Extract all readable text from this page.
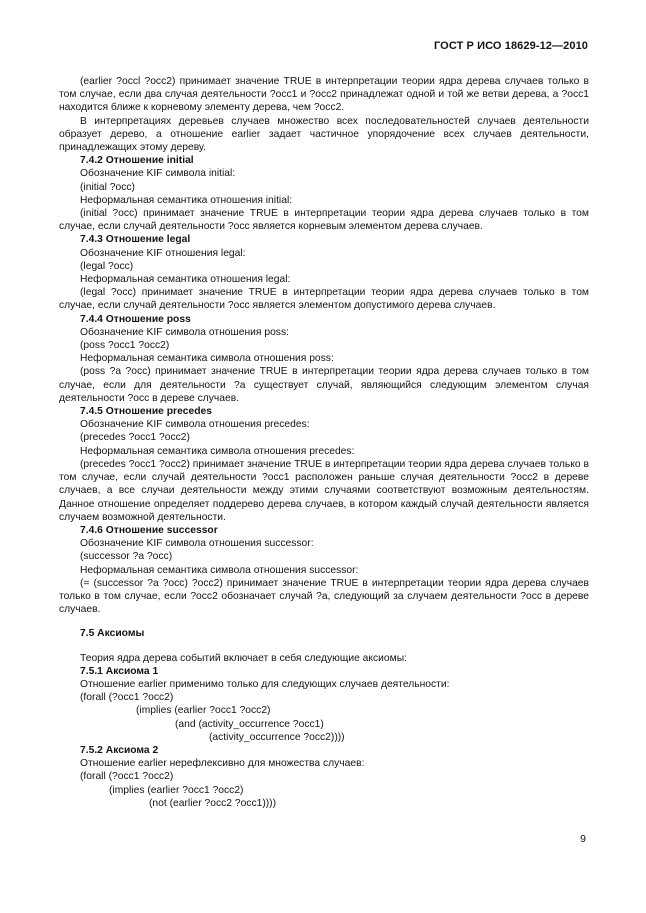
ГОСТ Р ИСО 18629-12—2010

(earlier ?occl ?occ2) принимает значение TRUE в интерпретации теории ядра дерева случаев только в том случае, если два случая деятельности ?occ1 и ?occ2 принадлежат одной и той же ветви дерева, а ?occ1 находится ближе к корневому элементу дерева, чем ?occ2.

В интерпретациях деревьев случаев множество всех последовательностей случаев деятельности образует дерево, а отношение earlier задает частичное упорядочение всех случаев деятельности, принадлежащих этому дереву.

7.4.2 Отношение initial

Обозначение KIF символа initial:

(initial ?occ)

Неформальная семантика отношения initial:

(initial ?occ) принимает значение TRUE в интерпретации теории ядра дерева случаев только в том случае, если случай деятельности ?occ является корневым элементом дерева случаев.

7.4.3 Отношение legal

Обозначение KIF отношения legal:

(legal ?occ)

Неформальная семантика отношения legal:

(legal ?occ) принимает значение TRUE в интерпретации теории ядра дерева случаев только в том случае, если случай деятельности ?occ является элементом допустимого дерева случаев.

7.4.4 Отношение poss

Обозначение KIF символа отношения poss:

(poss ?occ1 ?occ2)

Неформальная семантика символа отношения poss:

(poss ?a ?occ) принимает значение TRUE в интерпретации теории ядра дерева случаев только в том случае, если для деятельности ?a существует случай, являющийся следующим элементом случая деятельности ?occ в дереве случаев.

7.4.5 Отношение precedes

Обозначение KIF символа отношения precedes:

(precedes ?occ1 ?occ2)

Неформальная семантика символа отношения precedes:

(precedes ?occ1 ?occ2) принимает значение TRUE в интерпретации теории ядра дерева случаев только в том случае, если случай деятельности ?occ1 расположен раньше случая деятельности ?occ2 в дереве случаев, а все случаи деятельности между этими случаями соответствуют возможным деятельностям. Данное отношение определяет поддерево дерева случаев, в котором каждый случай деятельности является случаем возможной деятельности.

7.4.6 Отношение successor

Обозначение KIF символа отношения successor:

(successor ?a ?occ)

Неформальная семантика символа отношения successor:

(= (successor ?a ?occ) ?occ2) принимает значение TRUE в интерпретации теории ядра дерева случаев только в том случае, если ?occ2 обозначает случай ?a, следующий за случаем деятельности ?occ в дереве случаев.

7.5 Аксиомы

Теория ядра дерева событий включает в себя следующие аксиомы:

7.5.1 Аксиома 1

Отношение earlier применимо только для следующих случаев деятельности:

(forall (?occ1 ?occ2)

(implies (earlier ?occ1 ?occ2)

(and (activity_occurrence ?occ1)

(activity_occurrence ?occ2))))

7.5.2 Аксиома 2

Отношение earlier нерефлексивно для множества случаев:

(forall (?occ1 ?occ2)

(implies (earlier ?occ1 ?occ2)

(not (earlier ?occ2 ?occ1))))

9
